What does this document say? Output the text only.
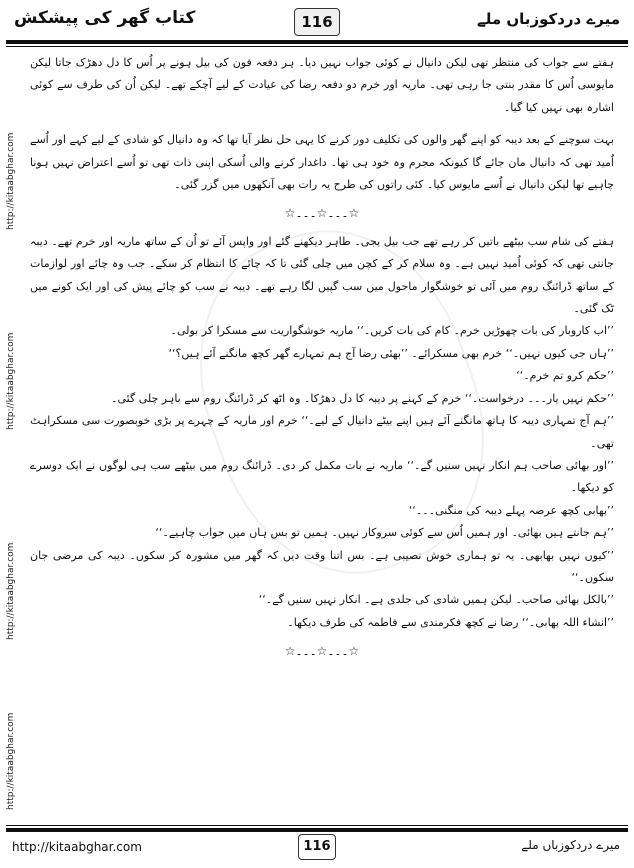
کتاب گھر کی پیشکش	116	میرے دردکوزباں ملے
http://kitaabghar.com
http://kitaabghar.com
http://kitaabghar.com
http://kitaabghar.com

ہفتے سے جواب کی منتظر تھی لیکن دانیال نے کوئی جواب نہیں دیا۔ ہر دفعہ فون کی بیل ہونے پر اُس کا دل دھڑک جاتا لیکن مایوسی اُس کا مقدر بنتی جا رہی تھی۔ ماریہ اور خرم دو دفعہ رضا کی عیادت کے لیے آچکے تھے۔ لیکن اُن کی طرف سے کوئی اشارہ بھی نہیں کیا گیا۔

بہت سوچنے کے بعد دیبہ کو اپنے گھر والوں کی تکلیف دور کرنے کا یہی حل نظر آیا تھا کہ وہ دانیال کو شادی کے لیے کہے اور اُسے اُمید تھی کہ دانیال مان جائے گا کیونکہ مجرم وہ خود ہی تھا۔ داغدار کرنے والی اُسکی اپنی ذات تھی تو اُسے اعتراض نہیں ہونا چاہیے تھا لیکن دانیال نے اُسے مایوس کیا۔ کئی راتوں کی طرح یہ رات بھی آنکھوں میں گزر گئی۔

☆۔۔۔☆۔۔۔☆

ہفتے کی شام سب بیٹھے باتیں کر رہے تھے جب بیل بجی۔ طاہر دیکھنے گئے اور واپس آئے تو اُن کے ساتھ ماریہ اور خرم تھے۔ دیبہ جانتی تھی کہ کوئی اُمید نہیں ہے۔ وہ سلام کر کے کچن میں چلی گئی تا کہ چائے کا انتظام کر سکے۔ جب وہ چائے اور لوازمات کے ساتھ ڈرائنگ روم میں آئی تو خوشگوار ماحول میں سب گپیں لگا رہے تھے۔ دیبہ نے سب کو چائے پیش کی اور ایک کونے میں ٹک گئی۔

’’اب کاروبار کی بات چھوڑیں خرم۔ کام کی بات کریں۔‘‘ ماریہ خوشگواریت سے مسکرا کر بولی۔

’’ہاں جی کیوں نہیں۔‘‘ خرم بھی مسکرائے۔ ’’بھئی رضا آج ہم تمہارے گھر کچھ مانگنے آئے ہیں؟‘‘

’’حکم کرو تم خرم۔‘‘

’’حکم نہیں یار۔۔۔ درخواست۔‘‘ خرم کے کہنے پر دیبہ کا دل دھڑکا۔ وہ اٹھ کر ڈرائنگ روم سے باہر چلی گئی۔

’’ہم آج تمہاری دیبہ کا ہاتھ مانگنے آئے ہیں اپنے بیٹے دانیال کے لیے۔‘‘ خرم اور ماریہ کے چہرے پر بڑی خوبصورت سی مسکراہٹ تھی۔

’’اور بھائی صاحب ہم انکار نہیں سنیں گے۔‘‘ ماریہ نے بات مکمل کر دی۔ ڈرائنگ روم میں بیٹھے سب ہی لوگوں نے ایک دوسرے کو دیکھا۔

’’بھابی کچھ عرصہ پہلے دیبہ کی منگنی۔۔۔‘‘

’’ہم جانتے ہیں بھائی۔ اور ہمیں اُس سے کوئی سروکار نہیں۔ ہمیں تو بس ہاں میں جواب چاہیے۔‘‘

’’کیوں نہیں بھابھی۔ یہ تو ہماری خوش نصیبی ہے۔ بس اتنا وقت دیں کہ گھر میں مشورہ کر سکوں۔ دیبہ کی مرضی جان سکوں۔‘‘

’’بالکل بھائی صاحب۔ لیکن ہمیں شادی کی جلدی ہے۔ انکار نہیں سنیں گے۔‘‘

’’انشاء اللہ بھابی۔‘‘ رضا نے کچھ فکرمندی سے فاطمہ کی طرف دیکھا۔

☆۔۔۔☆۔۔۔☆
http://kitaabghar.com	116	میرے دردکوزباں ملے
